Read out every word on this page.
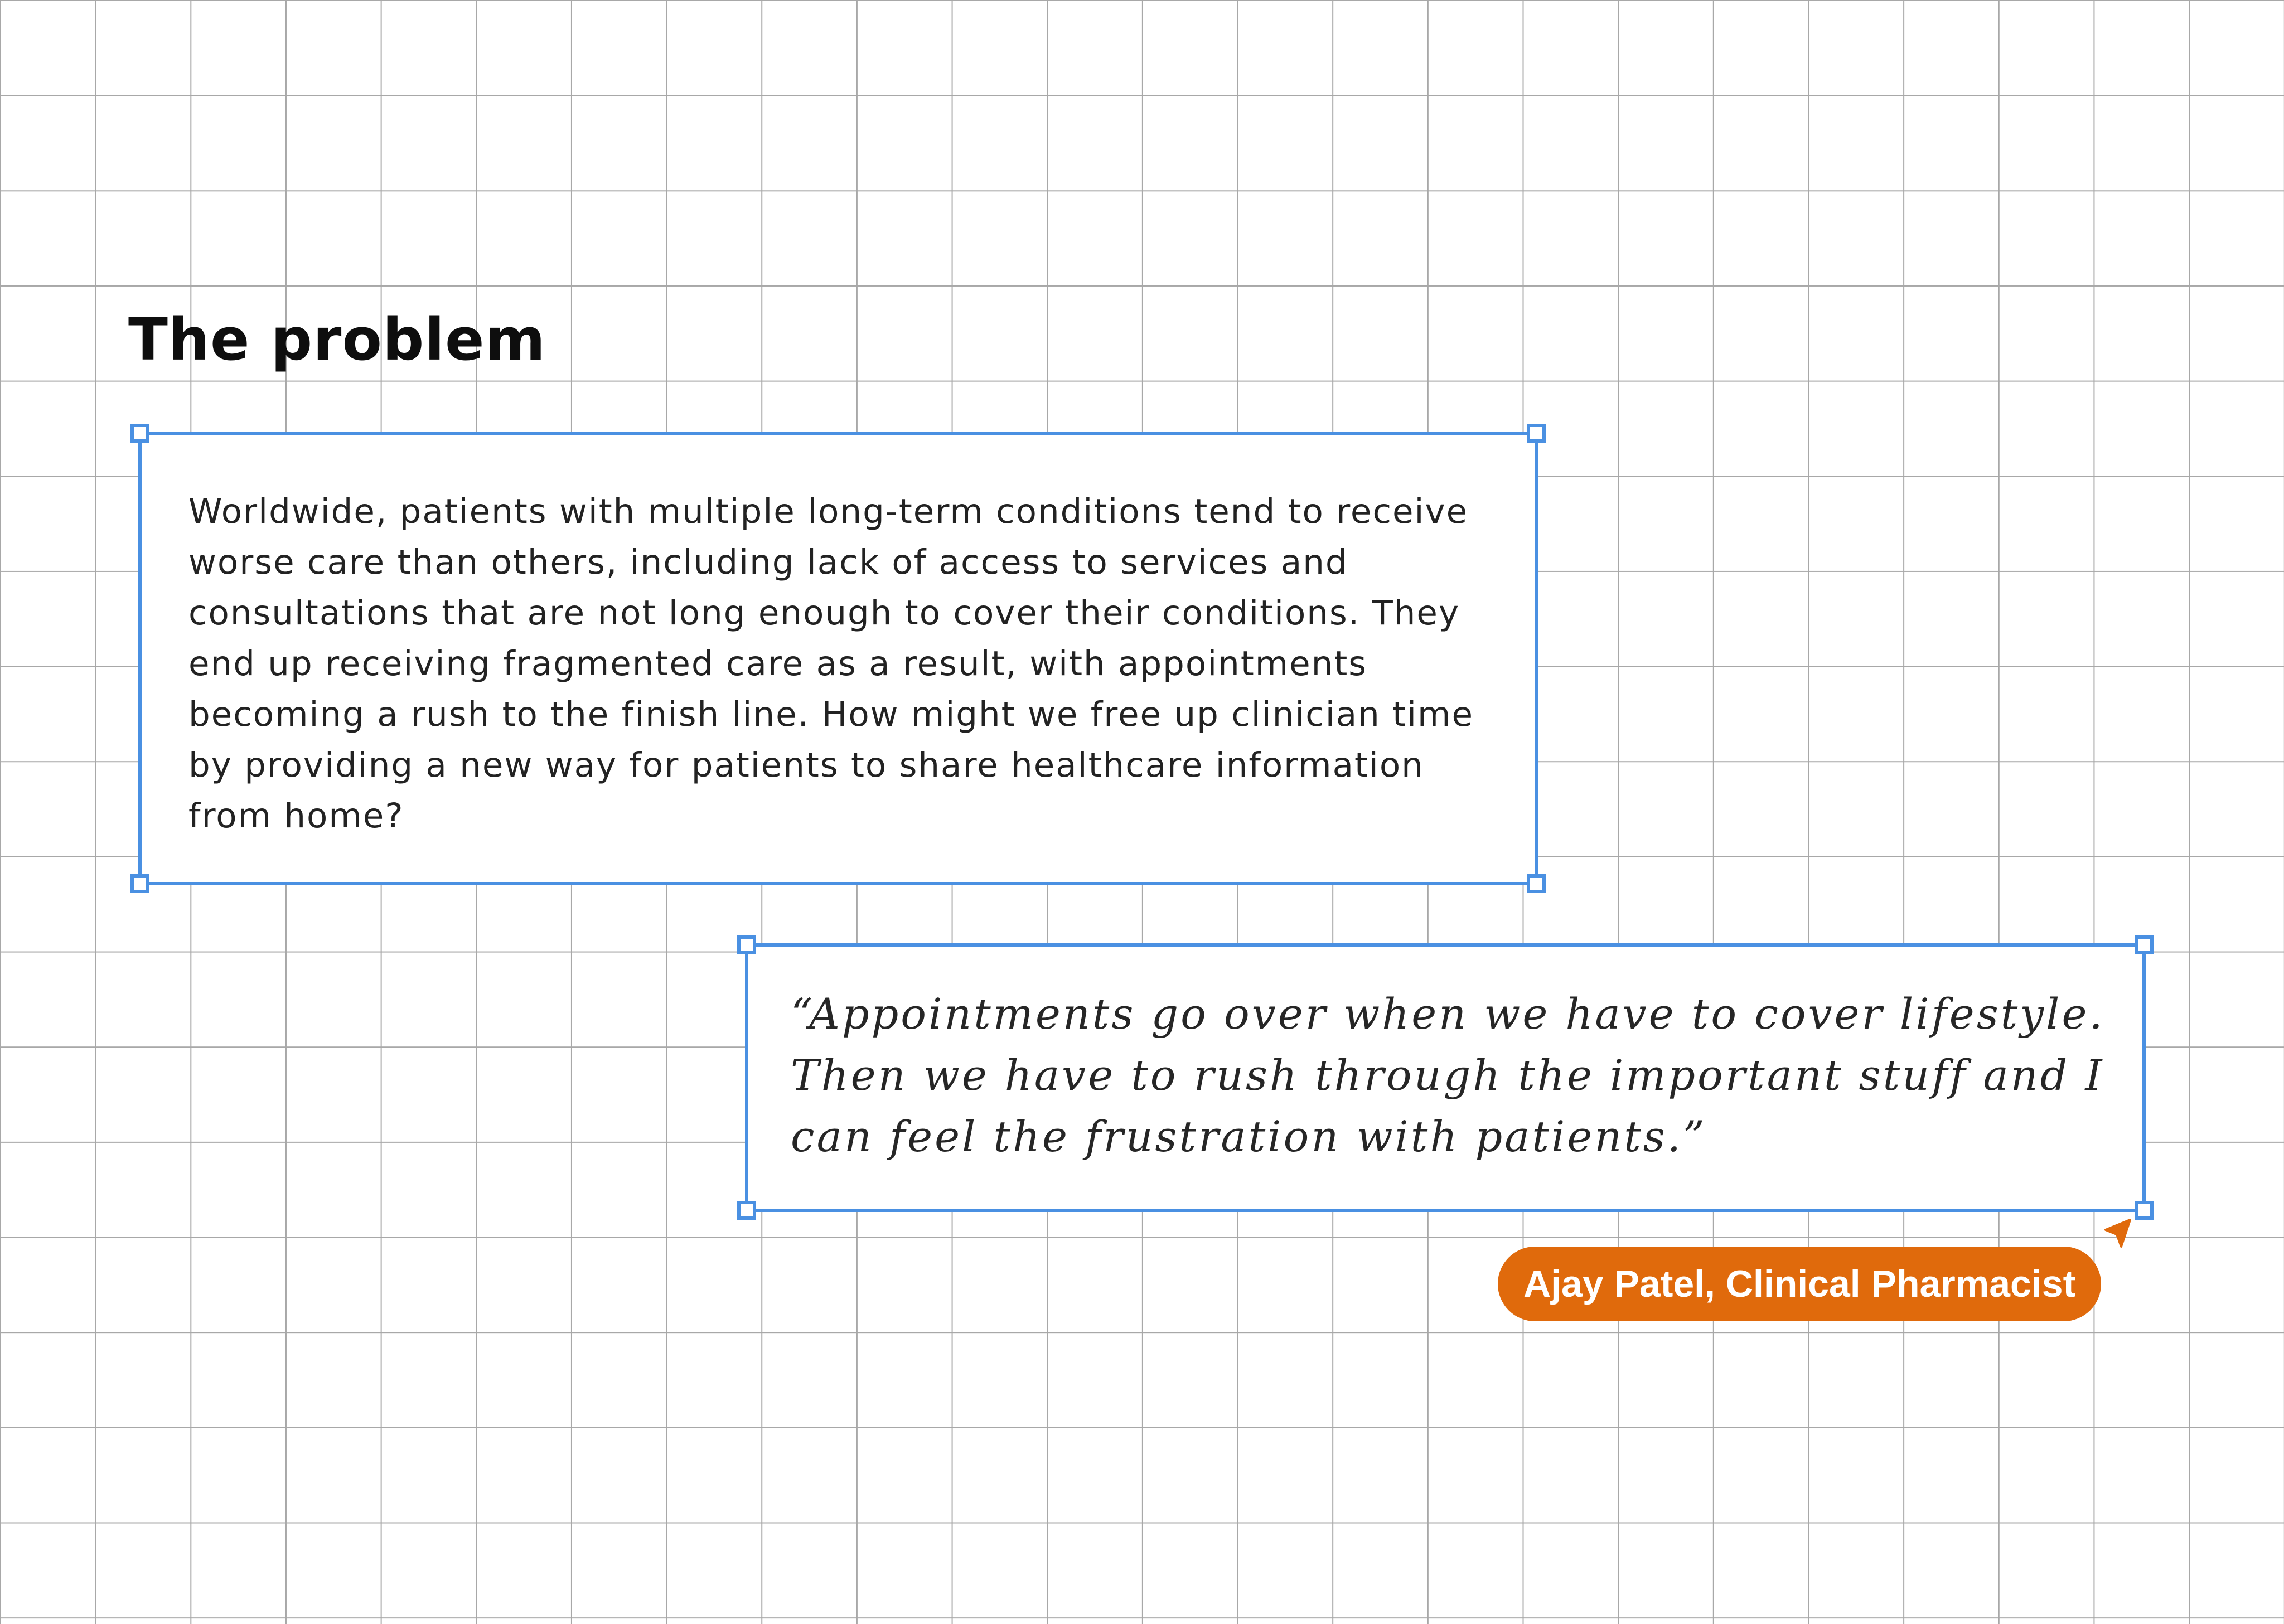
The problem

Worldwide, patients with multiple long-term conditions tend to receive worse care than others, including lack of access to services and consultations that are not long enough to cover their conditions. They end up receiving fragmented care as a result, with appointments becoming a rush to the finish line. How might we free up clinician time by providing a new way for patients to share healthcare information from home?

“Appointments go over when we have to cover lifestyle. Then we have to rush through the important stuff and I can feel the frustration with patients.”

Ajay Patel, Clinical Pharmacist
